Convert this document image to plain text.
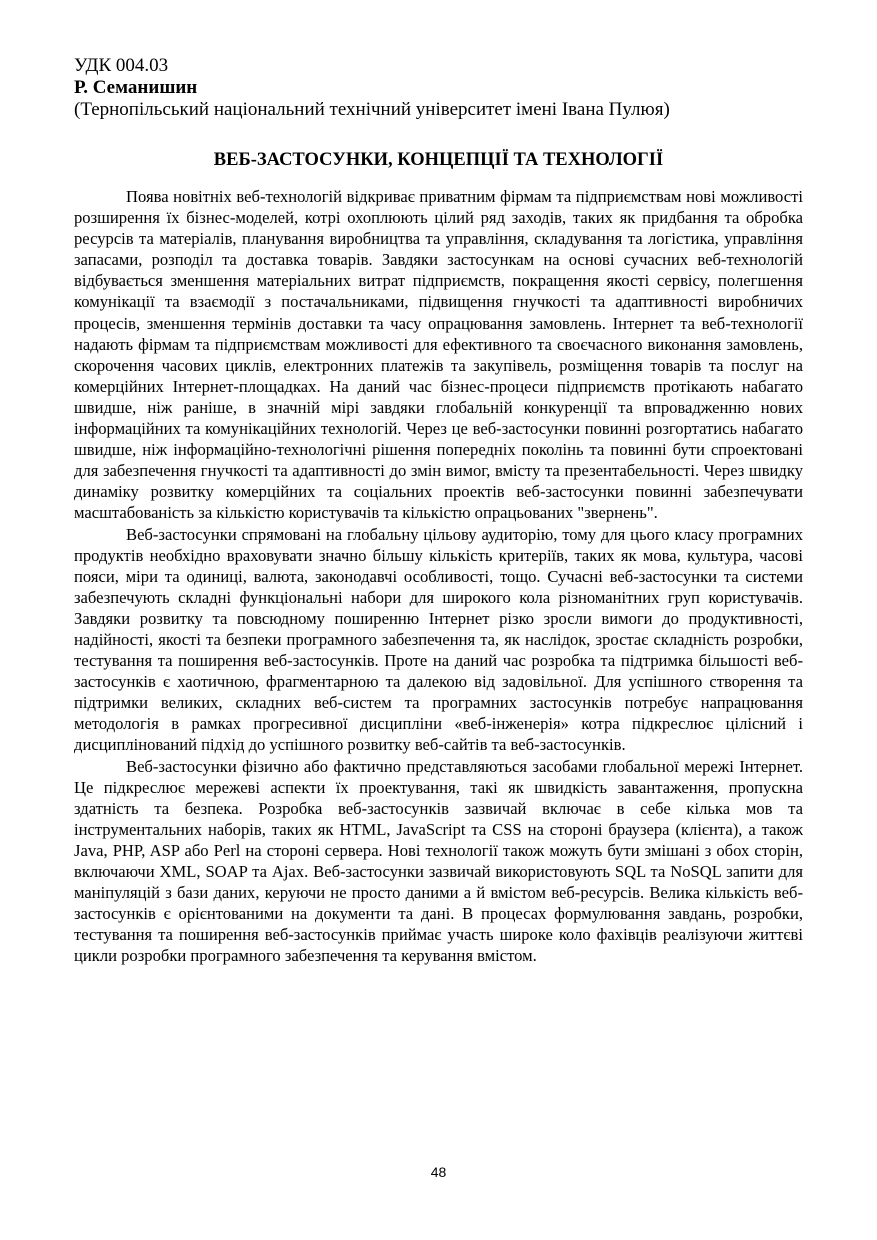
УДК 004.03

Р. Семанишин

(Тернопільський національний технічний університет імені Івана Пулюя)

ВЕБ-ЗАСТОСУНКИ, КОНЦЕПЦІЇ ТА ТЕХНОЛОГІЇ

Поява новітніх веб-технологій відкриває приватним фірмам та підприємствам нові можливості розширення їх бізнес-моделей, котрі охоплюють цілий ряд заходів, таких як придбання та обробка ресурсів та матеріалів, планування виробництва та управління, складування та логістика, управління запасами, розподіл та доставка товарів. Завдяки застосункам на основі сучасних веб-технологій відбувається зменшення матеріальних витрат підприємств, покращення якості сервісу, полегшення комунікації та взаємодії з постачальниками, підвищення гнучкості та адаптивності виробничих процесів, зменшення термінів доставки та часу опрацювання замовлень. Інтернет та веб-технології надають фірмам та підприємствам можливості для ефективного та своєчасного виконання замовлень, скорочення часових циклів, електронних платежів та закупівель, розміщення товарів та послуг на комерційних Інтернет-площадках. На даний час бізнес-процеси підприємств протікають набагато швидше, ніж раніше, в значній мірі завдяки глобальній конкуренції та впровадженню нових інформаційних та комунікаційних технологій. Через це веб-застосунки повинні розгортатись набагато швидше, ніж інформаційно-технологічні рішення попередніх поколінь та повинні бути спроектовані для забезпечення гнучкості та адаптивності до змін вимог, вмісту та презентабельності. Через швидку динаміку розвитку комерційних та соціальних проектів веб-застосунки повинні забезпечувати масштабованість за кількістю користувачів та кількістю опрацьованих "звернень".

Веб-застосунки спрямовані на глобальну цільову аудиторію, тому для цього класу програмних продуктів необхідно враховувати значно більшу кількість критеріїв, таких як мова, культура, часові пояси, міри та одиниці, валюта, законодавчі особливості, тощо. Сучасні веб-застосунки та системи забезпечують складні функціональні набори для широкого кола різноманітних груп користувачів. Завдяки розвитку та повсюдному поширенню Інтернет різко зросли вимоги до продуктивності, надійності, якості та безпеки програмного забезпечення та, як наслідок, зростає складність розробки, тестування та поширення веб-застосунків. Проте на даний час розробка та підтримка більшості веб-застосунків є хаотичною, фрагментарною та далекою від задовільної. Для успішного створення та підтримки великих, складних веб-систем та програмних застосунків потребує напрацювання методологія в рамках прогресивної дисципліни «веб-інженерія» котра підкреслює цілісний і дисциплінований підхід до успішного розвитку веб-сайтів та веб-застосунків.

Веб-застосунки фізично або фактично представляються засобами глобальної мережі Інтернет. Це підкреслює мережеві аспекти їх проектування, такі як швидкість завантаження, пропускна здатність та безпека. Розробка веб-застосунків зазвичай включає в себе кілька мов та інструментальних наборів, таких як HTML, JavaScript та CSS на стороні браузера (клієнта), а також Java, PHP, ASP або Perl на стороні сервера. Нові технології також можуть бути змішані з обох сторін, включаючи XML, SOAP та Ajax. Веб-застосунки зазвичай використовують SQL та NoSQL запити для маніпуляцій з бази даних, керуючи не просто даними а й вмістом веб-ресурсів. Велика кількість веб-застосунків є орієнтованими на документи та дані. В процесах формулювання завдань, розробки, тестування та поширення веб-застосунків приймає участь широке коло фахівців реалізуючи життєві цикли розробки програмного забезпечення та керування вмістом.

48
